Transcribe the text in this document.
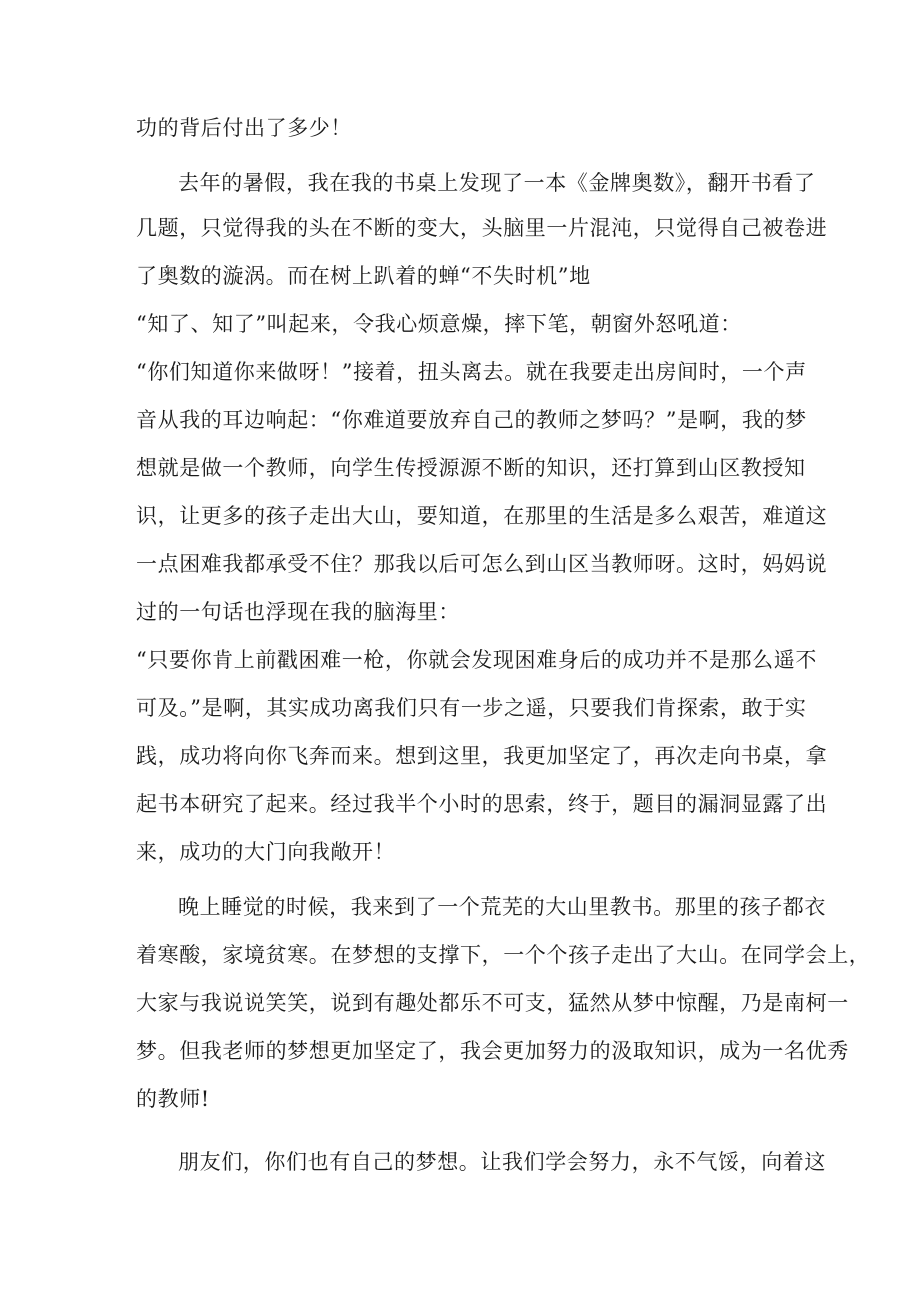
功的背后付出了多少！

去年的暑假，我在我的书桌上发现了一本《金牌奥数》，翻开书看了

几题，只觉得我的头在不断的变大，头脑里一片混沌，只觉得自己被卷进

了奥数的漩涡。而在树上趴着的蝉“不失时机”地

“知了、知了”叫起来，令我心烦意燥，摔下笔，朝窗外怒吼道：

“你们知道你来做呀！”接着，扭头离去。就在我要走出房间时，一个声

音从我的耳边响起：“你难道要放弃自己的教师之梦吗？”是啊，我的梦

想就是做一个教师，向学生传授源源不断的知识，还打算到山区教授知

识，让更多的孩子走出大山，要知道，在那里的生活是多么艰苦，难道这

一点困难我都承受不住？那我以后可怎么到山区当教师呀。这时，妈妈说

过的一句话也浮现在我的脑海里：

“只要你肯上前戳困难一枪，你就会发现困难身后的成功并不是那么遥不

可及。”是啊，其实成功离我们只有一步之遥，只要我们肯探索，敢于实

践，成功将向你飞奔而来。想到这里，我更加坚定了，再次走向书桌，拿

起书本研究了起来。经过我半个小时的思索，终于，题目的漏洞显露了出

来，成功的大门向我敞开！

晚上睡觉的时候，我来到了一个荒芜的大山里教书。那里的孩子都衣

着寒酸，家境贫寒。在梦想的支撑下，一个个孩子走出了大山。在同学会上，

大家与我说说笑笑，说到有趣处都乐不可支，猛然从梦中惊醒，乃是南柯一

梦。但我老师的梦想更加坚定了，我会更加努力的汲取知识，成为一名优秀

的教师!

朋友们，你们也有自己的梦想。让我们学会努力，永不气馁，向着这
